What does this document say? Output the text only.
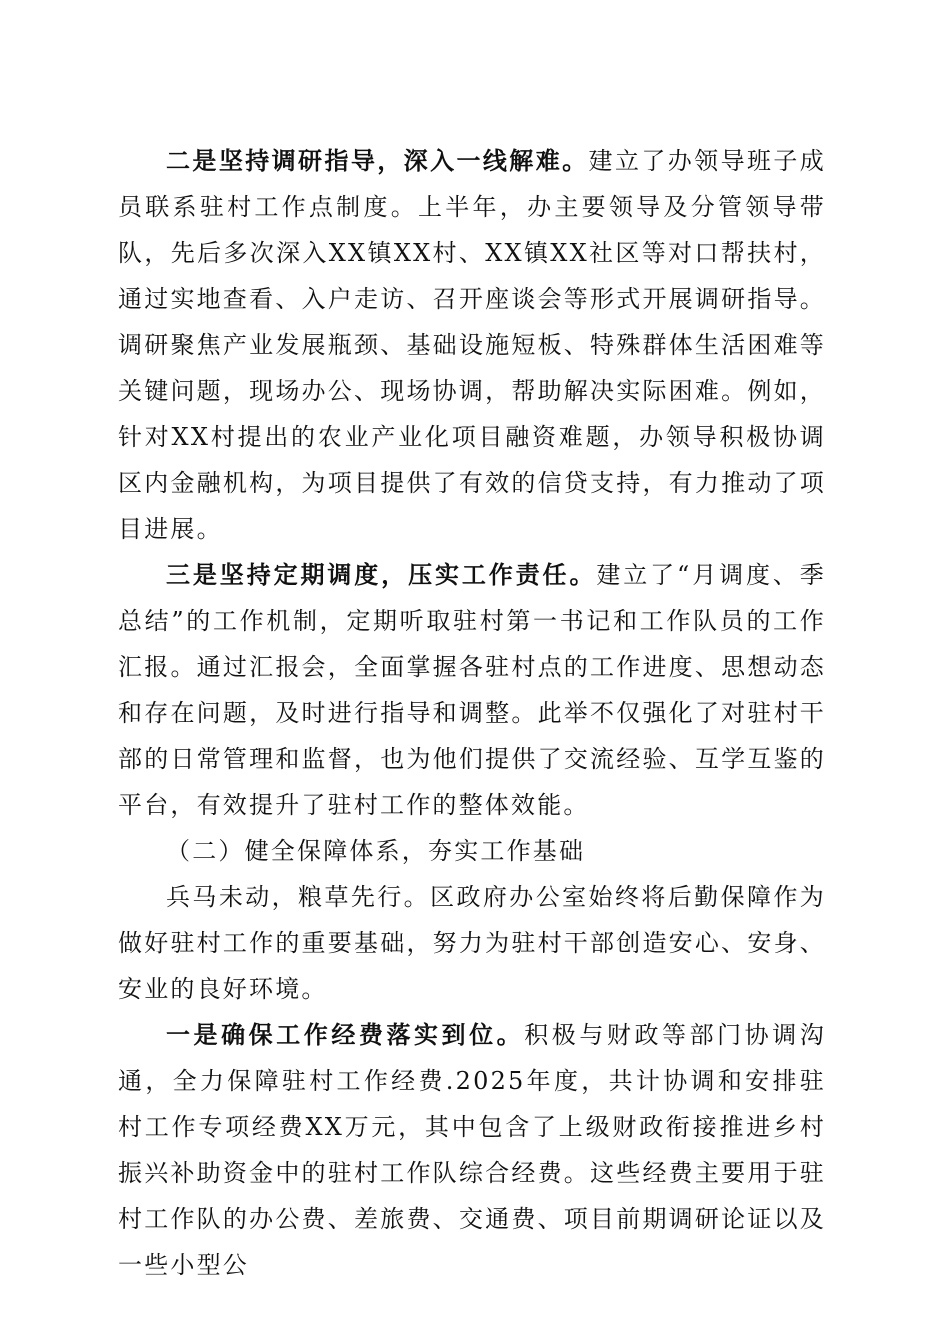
二是坚持调研指导，深入一线解难。建立了办领导班子成员联系驻村工作点制度。上半年，办主要领导及分管领导带队，先后多次深入XX镇XX村、XX镇XX社区等对口帮扶村，通过实地查看、入户走访、召开座谈会等形式开展调研指导。调研聚焦产业发展瓶颈、基础设施短板、特殊群体生活困难等关键问题，现场办公、现场协调，帮助解决实际困难。例如，针对XX村提出的农业产业化项目融资难题，办领导积极协调区内金融机构，为项目提供了有效的信贷支持，有力推动了项目进展。

三是坚持定期调度，压实工作责任。建立了“月调度、季总结”的工作机制，定期听取驻村第一书记和工作队员的工作汇报。通过汇报会，全面掌握各驻村点的工作进度、思想动态和存在问题，及时进行指导和调整。此举不仅强化了对驻村干部的日常管理和监督，也为他们提供了交流经验、互学互鉴的平台，有效提升了驻村工作的整体效能。

（二）健全保障体系，夯实工作基础

兵马未动，粮草先行。区政府办公室始终将后勤保障作为做好驻村工作的重要基础，努力为驻村干部创造安心、安身、安业的良好环境。

一是确保工作经费落实到位。积极与财政等部门协调沟通，全力保障驻村工作经费.2025年度，共计协调和安排驻村工作专项经费XX万元，其中包含了上级财政衔接推进乡村振兴补助资金中的驻村工作队综合经费。这些经费主要用于驻村工作队的办公费、差旅费、交通费、项目前期调研论证以及一些小型公
